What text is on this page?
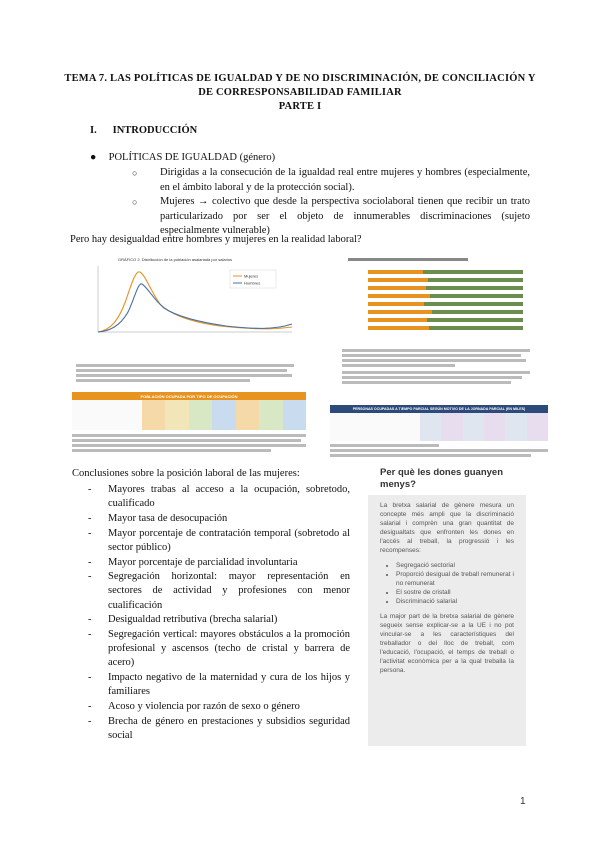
TEMA 7. LAS POLÍTICAS DE IGUALDAD Y DE NO DISCRIMINACIÓN, DE CONCILIACIÓN Y
DE CORRESPONSABILIDAD FAMILIAR
PARTE I
I. INTRODUCCIÓN
● POLÍTICAS DE IGUALDAD (género)
○ Dirigidas a la consecución de la igualdad real entre mujeres y hombres (especialmente, en el ámbito laboral y de la protección social).
○ Mujeres → colectivo que desde la perspectiva sociolaboral tienen que recibir un trato particularizado por ser el objeto de innumerables discriminaciones (sujeto especialmente vulnerable)
Pero hay desigualdad entre hombres y mujeres en la realidad laboral?
GRÁFICO 2. Distribución de la población asalariada por salarios
Mujeres
Hombres
POBLACIÓN OCUPADA POR TIPO DE OCUPACIÓN
PERSONAS OCUPADAS A TIEMPO PARCIAL SEGÚN MOTIVO DE LA JORNADA PARCIAL (EN MILES)
Conclusiones sobre la posición laboral de las mujeres:
- Mayores trabas al acceso a la ocupación, sobretodo, cualificado
- Mayor tasa de desocupación
- Mayor porcentaje de contratación temporal (sobretodo al sector público)
- Mayor porcentaje de parcialidad involuntaria
- Segregación horizontal: mayor representación en sectores de actividad y profesiones con menor cualificación
- Desigualdad retributiva (brecha salarial)
- Segregación vertical: mayores obstáculos a la promoción profesional y ascensos (techo de cristal y barrera de acero)
- Impacto negativo de la maternidad y cura de los hijos y familiares
- Acoso y violencia por razón de sexo o género
- Brecha de género en prestaciones y subsidios seguridad social
Per què les dones guanyen menys?

La bretxa salarial de gènere mesura un concepte més ampli que la discriminació salarial i comprèn una gran quantitat de desigualtats que enfronten les dones en l'accés al treball, la progressió i les recompenses:

• Segregació sectorial
• Proporció desigual de treball remunerat i no remunerat
• El sostre de cristall
• Discriminació salarial

La major part de la bretxa salarial de gènere segueix sense explicar-se a la UE i no pot vincular-se a les característiques del treballador o del lloc de treball, com l'educació, l'ocupació, el temps de treball o l'activitat econòmica per a la qual treballa la persona.

1
